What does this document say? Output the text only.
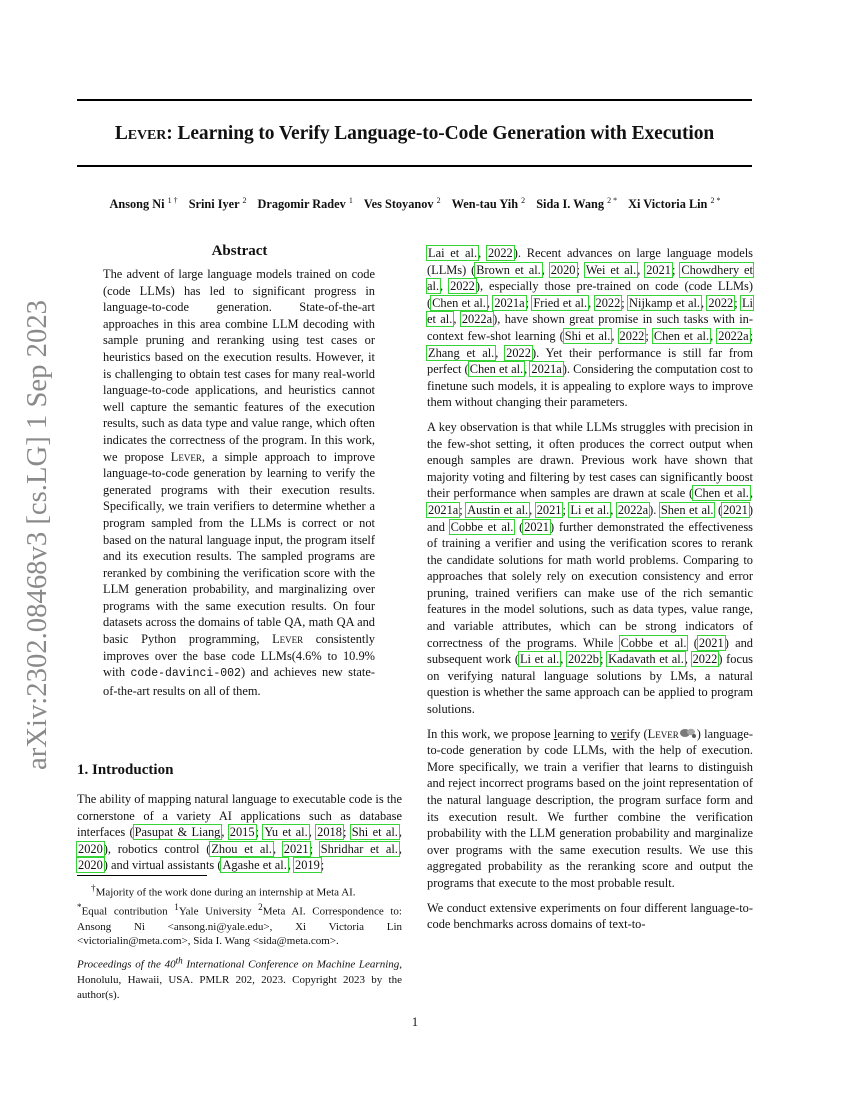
arXiv:2302.08468v3 [cs.LG] 1 Sep 2023
Lever: Learning to Verify Language-to-Code Generation with Execution
Ansong Ni $^{1 \dagger}$ Srini Iyer $^2$ Dragomir Radev $^1$ Ves Stoyanov $^2$ Wen-tau Yih $^2$ Sida I. Wang $^{2 *}$ Xi Victoria Lin $^{2 *}$
Abstract
The advent of large language models trained on code (code LLMs) has led to significant progress in language-to-code generation. State-of-the-art approaches in this area combine LLM decoding with sample pruning and reranking using test cases or heuristics based on the execution results. However, it is challenging to obtain test cases for many real-world language-to-code applications, and heuristics cannot well capture the semantic features of the execution results, such as data type and value range, which often indicates the correctness of the program. In this work, we propose Lever, a simple approach to improve language-to-code generation by learning to verify the generated programs with their execution results. Specifically, we train verifiers to determine whether a program sampled from the LLMs is correct or not based on the natural language input, the program itself and its execution results. The sampled programs are reranked by combining the verification score with the LLM generation probability, and marginalizing over programs with the same execution results. On four datasets across the domains of table QA, math QA and basic Python programming, Lever consistently improves over the base code LLMs(4.6% to 10.9% with code-davinci-002) and achieves new state-of-the-art results on all of them.
1. Introduction
The ability of mapping natural language to executable code is the cornerstone of a variety AI applications such as database interfaces (Pasupat & Liang, 2015; Yu et al., 2018; Shi et al., 2020), robotics control (Zhou et al., 2021; Shridhar et al., 2020) and virtual assistants (Agashe et al., 2019;

†Majority of the work done during an internship at Meta AI.

*Equal contribution $^1$Yale University $^2$Meta AI. Correspondence to: Ansong Ni <ansong.ni@yale.edu>, Xi Victoria Lin <victorialin@meta.com>, Sida I. Wang <sida@meta.com>.

Proceedings of the 40th International Conference on Machine Learning, Honolulu, Hawaii, USA. PMLR 202, 2023. Copyright 2023 by the author(s).

Lai et al., 2022). Recent advances on large language models (LLMs) (Brown et al., 2020; Wei et al., 2021; Chowdhery et al., 2022), especially those pre-trained on code (code LLMs) (Chen et al., 2021a; Fried et al., 2022; Nijkamp et al., 2022; Li et al., 2022a), have shown great promise in such tasks with in-context few-shot learning (Shi et al., 2022; Chen et al., 2022a; Zhang et al., 2022). Yet their performance is still far from perfect (Chen et al., 2021a). Considering the computation cost to finetune such models, it is appealing to explore ways to improve them without changing their parameters.

A key observation is that while LLMs struggles with precision in the few-shot setting, it often produces the correct output when enough samples are drawn. Previous work have shown that majority voting and filtering by test cases can significantly boost their performance when samples are drawn at scale (Chen et al., 2021a; Austin et al., 2021; Li et al., 2022a). Shen et al. (2021) and Cobbe et al. (2021) further demonstrated the effectiveness of training a verifier and using the verification scores to rerank the candidate solutions for math world problems. Comparing to approaches that solely rely on execution consistency and error pruning, trained verifiers can make use of the rich semantic features in the model solutions, such as data types, value range, and variable attributes, which can be strong indicators of correctness of the programs. While Cobbe et al. (2021) and subsequent work (Li et al., 2022b; Kadavath et al., 2022) focus on verifying natural language solutions by LMs, a natural question is whether the same approach can be applied to program solutions.

In this work, we propose learning to verify (Lever ) language-to-code generation by code LLMs, with the help of execution. More specifically, we train a verifier that learns to distinguish and reject incorrect programs based on the joint representation of the natural language description, the program surface form and its execution result. We further combine the verification probability with the LLM generation probability and marginalize over programs with the same execution results. We use this aggregated probability as the reranking score and output the programs that execute to the most probable result.

We conduct extensive experiments on four different language-to-code benchmarks across domains of text-to-

1
